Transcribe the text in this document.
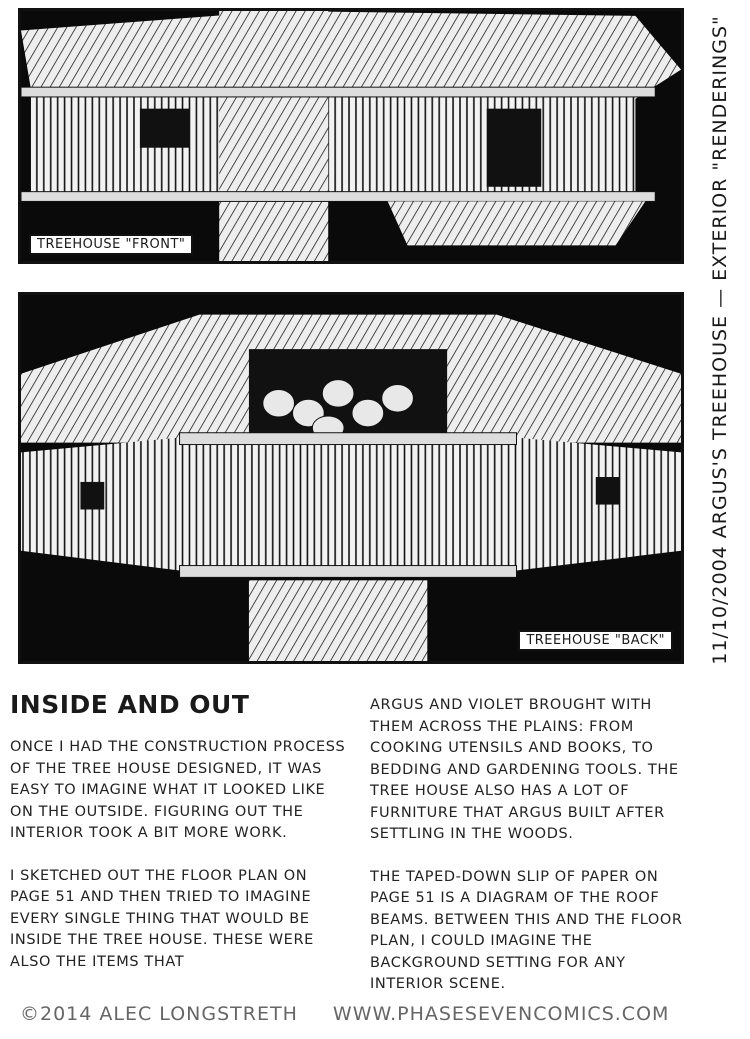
TREEHOUSE "FRONT"
TREEHOUSE "BACK"	11/10/2004 ARGUS'S TREEHOUSE — EXTERIOR "RENDERINGS"
INSIDE AND OUT

ONCE I HAD THE CONSTRUCTION PROCESS OF THE TREE HOUSE DESIGNED, IT WAS EASY TO IMAGINE WHAT IT LOOKED LIKE ON THE OUTSIDE. FIGURING OUT THE INTERIOR TOOK A BIT MORE WORK.

I SKETCHED OUT THE FLOOR PLAN ON PAGE 51 AND THEN TRIED TO IMAGINE EVERY SINGLE THING THAT WOULD BE INSIDE THE TREE HOUSE. THESE WERE ALSO THE ITEMS THAT

ARGUS AND VIOLET BROUGHT WITH THEM ACROSS THE PLAINS: FROM COOKING UTENSILS AND BOOKS, TO BEDDING AND GARDENING TOOLS. THE TREE HOUSE ALSO HAS A LOT OF FURNITURE THAT ARGUS BUILT AFTER SETTLING IN THE WOODS.

THE TAPED-DOWN SLIP OF PAPER ON PAGE 51 IS A DIAGRAM OF THE ROOF BEAMS. BETWEEN THIS AND THE FLOOR PLAN, I COULD IMAGINE THE BACKGROUND SETTING FOR ANY INTERIOR SCENE.

©2014 ALEC LONGSTRETH WWW.PHASESEVENCOMICS.COM
